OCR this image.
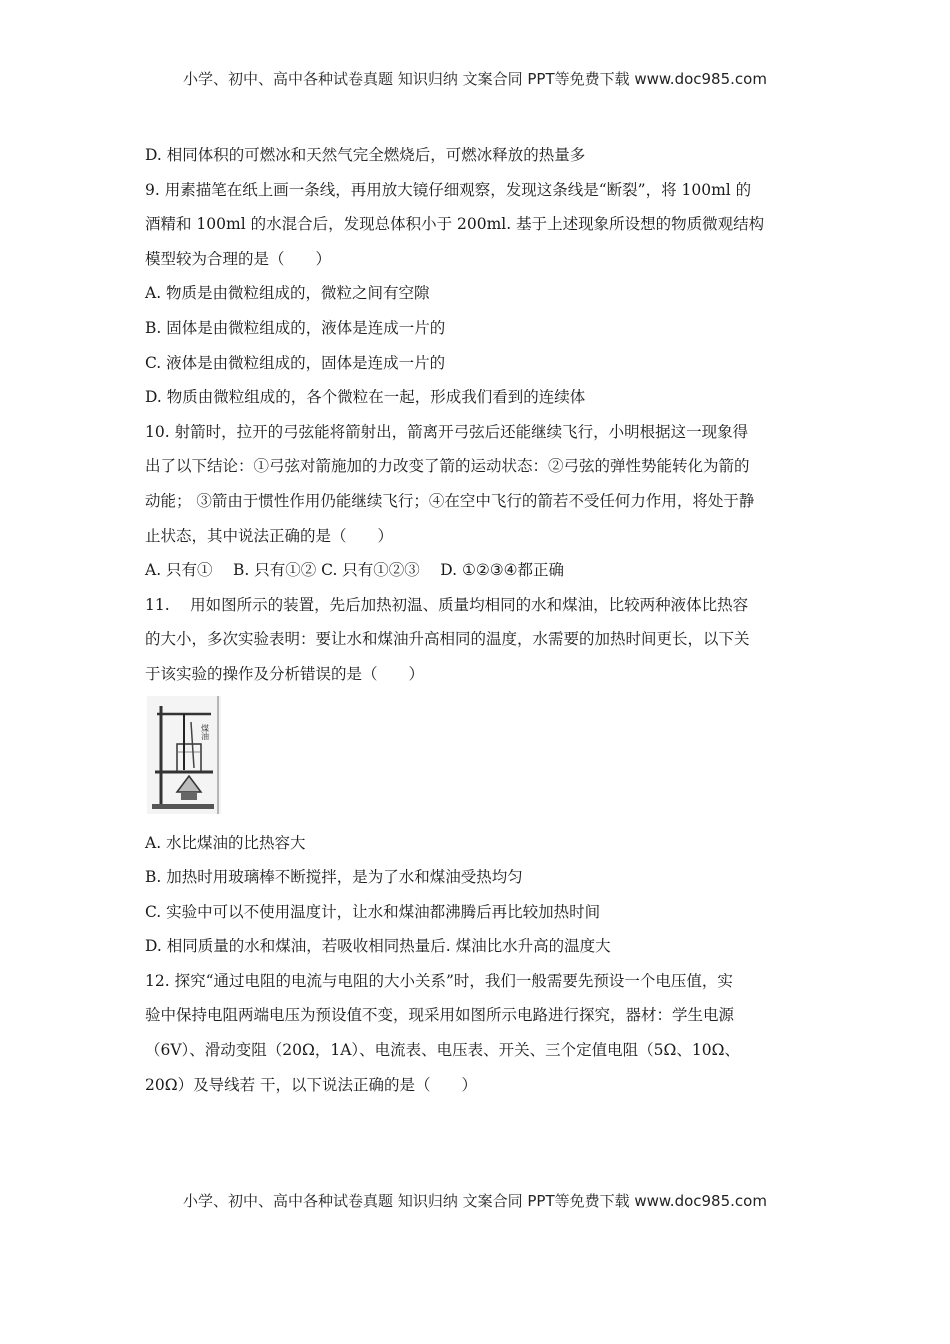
小学、初中、高中各种试卷真题 知识归纳 文案合同 PPT等免费下载 www.doc985.com
D. 相同体积的可燃冰和天然气完全燃烧后，可燃冰释放的热量多
9. 用素描笔在纸上画一条线，再用放大镜仔细观察，发现这条线是“断裂”，将 100ml 的
酒精和 100ml 的水混合后，发现总体积小于 200ml. 基于上述现象所设想的物质微观结构
模型较为合理的是（　　）
A. 物质是由微粒组成的，微粒之间有空隙
B. 固体是由微粒组成的，液体是连成一片的
C. 液体是由微粒组成的，固体是连成一片的
D. 物质由微粒组成的，各个微粒在一起，形成我们看到的连续体
10. 射箭时，拉开的弓弦能将箭射出，箭离开弓弦后还能继续飞行，小明根据这一现象得
出了以下结论：①弓弦对箭施加的力改变了箭的运动状态：②弓弦的弹性势能转化为箭的
动能； ③箭由于惯性作用仍能继续飞行；④在空中飞行的箭若不受任何力作用，将处于静
止状态，其中说法正确的是（　　）
A. 只有①　 B. 只有①② C. 只有①②③　 D. ①②③④都正确
11.　 用如图所示的装置，先后加热初温、质量均相同的水和煤油，比较两种液体比热容
的大小，多次实验表明：要让水和煤油升高相同的温度，水需要的加热时间更长，以下关
于该实验的操作及分析错误的是（　　）
煤油
A. 水比煤油的比热容大
B. 加热时用玻璃棒不断搅拌，是为了水和煤油受热均匀
C. 实验中可以不使用温度计，让水和煤油都沸腾后再比较加热时间
D. 相同质量的水和煤油，若吸收相同热量后. 煤油比水升高的温度大
12. 探究“通过电阻的电流与电阻的大小关系”时，我们一般需要先预设一个电压值，实
验中保持电阻两端电压为预设值不变，现采用如图所示电路进行探究，器材：学生电源
（6V）、滑动变阻（20Ω，1A）、电流表、电压表、开关、三个定值电阻（5Ω、10Ω、
20Ω）及导线若 干，以下说法正确的是（　　）
小学、初中、高中各种试卷真题 知识归纳 文案合同 PPT等免费下载 www.doc985.com
